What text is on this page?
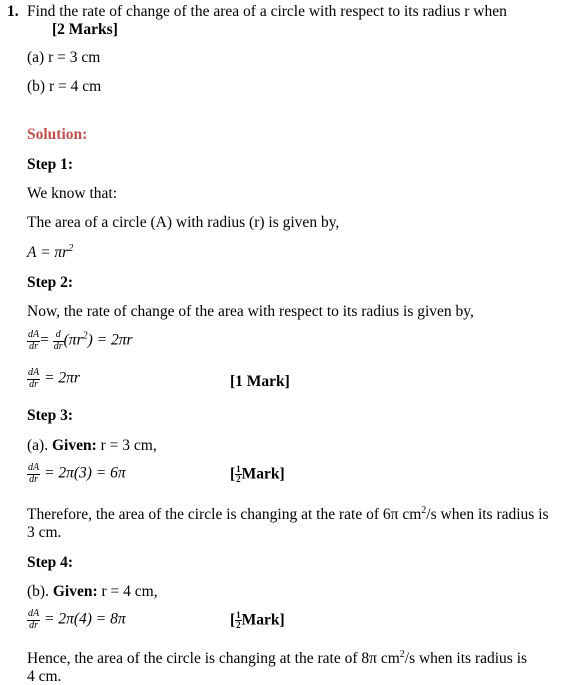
1. Find the rate of change of the area of a circle with respect to its radius r when
[2 Marks]
(a) r = 3 cm
(b) r = 4 cm
Solution:
Step 1:
We know that:
The area of a circle (A) with radius (r) is given by,
$A = \pi r^2$
Step 2:
Now, the rate of change of the area with respect to its radius is given by,
$\frac{dA}{dr} = \frac{d}{dr} (\pi r^2) = 2\pi r$
$\frac{dA}{dr} = 2\pi r$	[1 Mark]
Step 3:
(a). Given: r = 3 cm,
$\frac{dA}{dr} = 2\pi(3) = 6\pi$	[ $\frac{1}{2}$ Mark]
Therefore, the area of the circle is changing at the rate of 6π $cm^2/s$ when its radius is
3 cm.
Step 4:
(b). Given: r = 4 cm,
$\frac{dA}{dr} = 2\pi(4) = 8\pi$	[ $\frac{1}{2}$ Mark]
Hence, the area of the circle is changing at the rate of 8π $cm^2/s$ when its radius is
4 cm.
